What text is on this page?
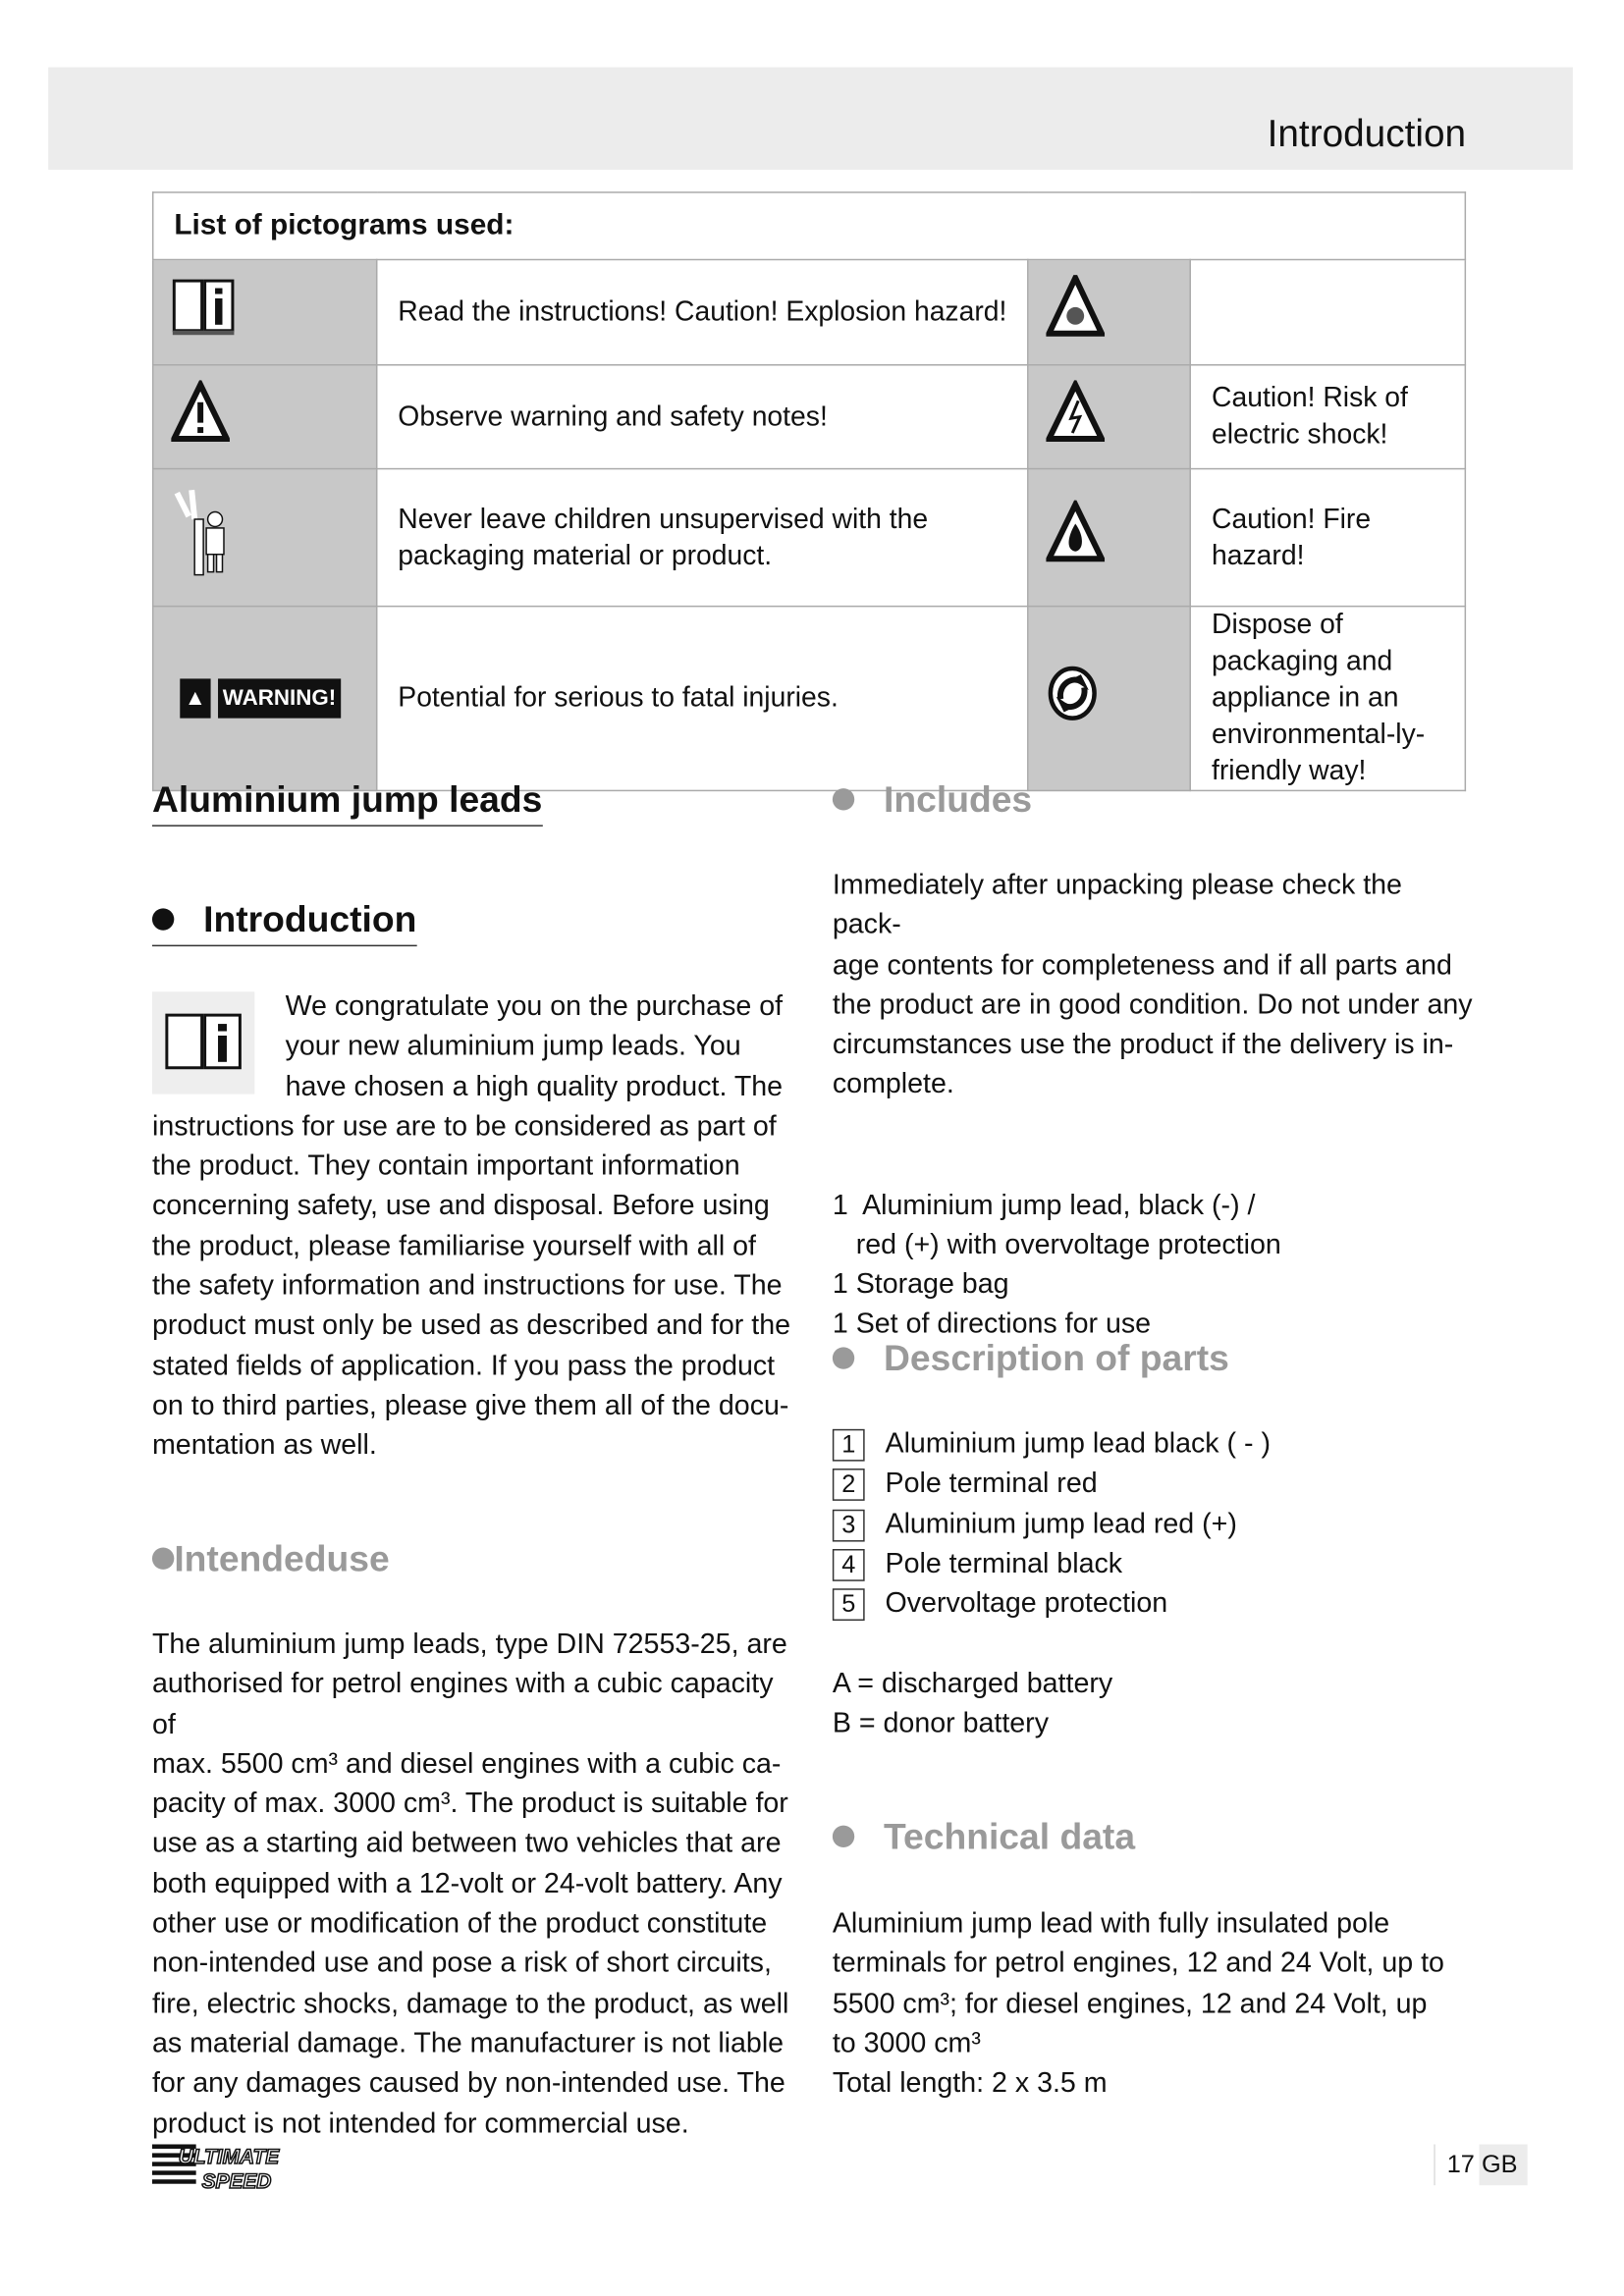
Introduction
List of pictograms used:			
	Read the instructions! Caution! Explosion hazard!		
	Observe warning and safety notes!		Caution! Risk of electric shock!
	Never leave children unsupervised with the packaging material or product.		Caution! Fire hazard!
▲ WARNING!	Potential for serious to fatal injuries.		Dispose of packaging and appliance in an environmental-ly-friendly way!
Aluminium jump leads
Introduction
We congratulate you on the purchase of
your new aluminium jump leads. You
have chosen a high quality product. The
instructions for use are to be considered as part of
the product. They contain important information
concerning safety, use and disposal. Before using
the product, please familiarise yourself with all of
the safety information and instructions for use. The
product must only be used as described and for the
stated fields of application. If you pass the product
on to third parties, please give them all of the docu-
mentation as well.
Intendeduse
The aluminium jump leads, type DIN 72553-25, are
authorised for petrol engines with a cubic capacity of
max. 5500 cm³ and diesel engines with a cubic ca-
pacity of max. 3000 cm³. The product is suitable for
use as a starting aid between two vehicles that are
both equipped with a 12-volt or 24-volt battery. Any
other use or modification of the product constitute
non-intended use and pose a risk of short circuits,
fire, electric shocks, damage to the product, as well
as material damage. The manufacturer is not liable
for any damages caused by non-intended use. The
product is not intended for commercial use.
Includes
Immediately after unpacking please check the pack-
age contents for completeness and if all parts and
the product are in good condition. Do not under any
circumstances use the product if the delivery is in-
complete.

1  Aluminium jump lead, black (-) /
red (+) with overvoltage protection
1 Storage bag
1 Set of directions for use

Description of parts
1 Aluminium jump lead black ( - )
2 Pole terminal red
3 Aluminium jump lead red (+)
4 Pole terminal black
5 Overvoltage protection
A = discharged battery
B = donor battery
Technical data
Aluminium jump lead with fully insulated pole
terminals for petrol engines, 12 and 24 Volt, up to
5500 cm³; for diesel engines, 12 and 24 Volt, up
to 3000 cm³
Total length: 2 x 3.5 m
ULTIMATE
SPEED
17 GB
